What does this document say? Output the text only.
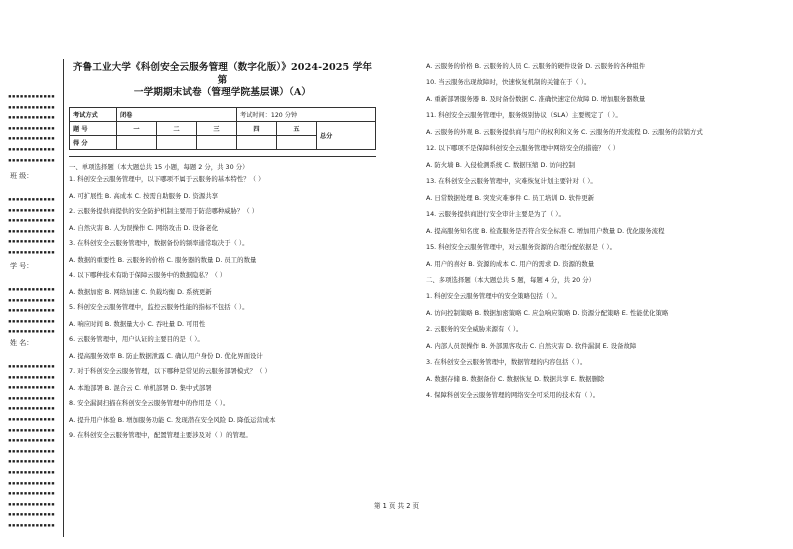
▪▪▪▪▪▪▪▪▪▪▪▪
▪▪▪▪▪▪▪▪▪▪▪▪
▪▪▪▪▪▪▪▪▪▪▪▪
▪▪▪▪▪▪▪▪▪▪▪▪
▪▪▪▪▪▪▪▪▪▪▪▪
▪▪▪▪▪▪▪▪▪▪▪▪
▪▪▪▪▪▪▪▪▪▪▪▪
班 级：
▪▪▪▪▪▪▪▪▪▪▪▪
▪▪▪▪▪▪▪▪▪▪▪▪
▪▪▪▪▪▪▪▪▪▪▪▪
▪▪▪▪▪▪▪▪▪▪▪▪
▪▪▪▪▪▪▪▪▪▪▪▪
▪▪▪▪▪▪▪▪▪▪▪▪
学 号：
▪▪▪▪▪▪▪▪▪▪▪▪
▪▪▪▪▪▪▪▪▪▪▪▪
▪▪▪▪▪▪▪▪▪▪▪▪
▪▪▪▪▪▪▪▪▪▪▪▪
▪▪▪▪▪▪▪▪▪▪▪▪
姓 名：
▪▪▪▪▪▪▪▪▪▪▪▪
▪▪▪▪▪▪▪▪▪▪▪▪
▪▪▪▪▪▪▪▪▪▪▪▪
▪▪▪▪▪▪▪▪▪▪▪▪
▪▪▪▪▪▪▪▪▪▪▪▪
▪▪▪▪▪▪▪▪▪▪▪▪
▪▪▪▪▪▪▪▪▪▪▪▪
▪▪▪▪▪▪▪▪▪▪▪▪
▪▪▪▪▪▪▪▪▪▪▪▪
▪▪▪▪▪▪▪▪▪▪▪▪
▪▪▪▪▪▪▪▪▪▪▪▪
▪▪▪▪▪▪▪▪▪▪▪▪
▪▪▪▪▪▪▪▪▪▪▪▪
▪▪▪▪▪▪▪▪▪▪▪▪
▪▪▪▪▪▪▪▪▪▪▪▪
▪▪▪▪▪▪▪▪▪▪▪▪
齐鲁工业大学《科创安全云服务管理（数字化版）》2024-2025 学年第
一学期期末试卷（管理学院基层课）（A）
考试方式	闭卷			考试时间：120 分钟		
题 号	一	二	三	四	五	总分
得 分						
一、单项选择题（本大题总共 15 小题，每题 2 分，共 30 分）
1. 科创安全云服务管理中，以下哪项不属于云服务的基本特性？（ ）
A. 可扩展性 B. 高成本 C. 按需自助服务 D. 资源共享
2. 云服务提供商提供的安全防护机制主要用于防范哪种威胁？（ ）
A. 自然灾害 B. 人为误操作 C. 网络攻击 D. 设备老化
3. 在科创安全云服务管理中，数据备份的频率通常取决于（ ）。
A. 数据的重要性 B. 云服务的价格 C. 服务器的数量 D. 员工的数量
4. 以下哪种技术有助于保障云服务中的数据隐私？（ ）
A. 数据加密 B. 网络加速 C. 负载均衡 D. 系统更新
5. 科创安全云服务管理中，监控云服务性能的指标不包括（ ）。
A. 响应时间 B. 数据量大小 C. 吞吐量 D. 可用性
6. 云服务管理中，用户认证的主要目的是（ ）。
A. 提高服务效率 B. 防止数据泄露 C. 确认用户身份 D. 优化界面设计
7. 对于科创安全云服务管理，以下哪种是常见的云服务部署模式？（ ）
A. 本地部署 B. 混合云 C. 单机部署 D. 集中式部署
8. 安全漏洞扫描在科创安全云服务管理中的作用是（ ）。
A. 提升用户体验 B. 增加服务功能 C. 发现潜在安全风险 D. 降低运营成本
9. 在科创安全云服务管理中，配置管理主要涉及对（ ）的管理。
A. 云服务的价格 B. 云服务的人员 C. 云服务的硬件设备 D. 云服务的各种组件
10. 当云服务出现故障时，快速恢复机制的关键在于（ ）。
A. 重新部署服务器 B. 及时备份数据 C. 准确快速定位故障 D. 增加服务器数量
11. 科创安全云服务管理中，服务级别协议（SLA）主要规定了（ ）。
A. 云服务的外观 B. 云服务提供商与用户的权利和义务 C. 云服务的开发流程 D. 云服务的营销方式
12. 以下哪项不是保障科创安全云服务管理中网络安全的措施？（ ）
A. 防火墙 B. 入侵检测系统 C. 数据压缩 D. 访问控制
13. 在科创安全云服务管理中，灾难恢复计划主要针对（ ）。
A. 日常数据处理 B. 突发灾难事件 C. 员工培训 D. 软件更新
14. 云服务提供商进行安全审计主要是为了（ ）。
A. 提高服务知名度 B. 检查服务是否符合安全标准 C. 增加用户数量 D. 优化服务流程
15. 科创安全云服务管理中，对云服务资源的合理分配依据是（ ）。
A. 用户的喜好 B. 资源的成本 C. 用户的需求 D. 资源的数量
二、多项选择题（本大题总共 5 题，每题 4 分，共 20 分）
1. 科创安全云服务管理中的安全策略包括（ ）。
A. 访问控制策略 B. 数据加密策略 C. 应急响应策略 D. 资源分配策略 E. 性能优化策略
2. 云服务的安全威胁来源有（ ）。
A. 内部人员误操作 B. 外部黑客攻击 C. 自然灾害 D. 软件漏洞 E. 设备故障
3. 在科创安全云服务管理中，数据管理的内容包括（ ）。
A. 数据存储 B. 数据备份 C. 数据恢复 D. 数据共享 E. 数据删除
4. 保障科创安全云服务管理的网络安全可采用的技术有（ ）。
第 1 页 共 2 页
